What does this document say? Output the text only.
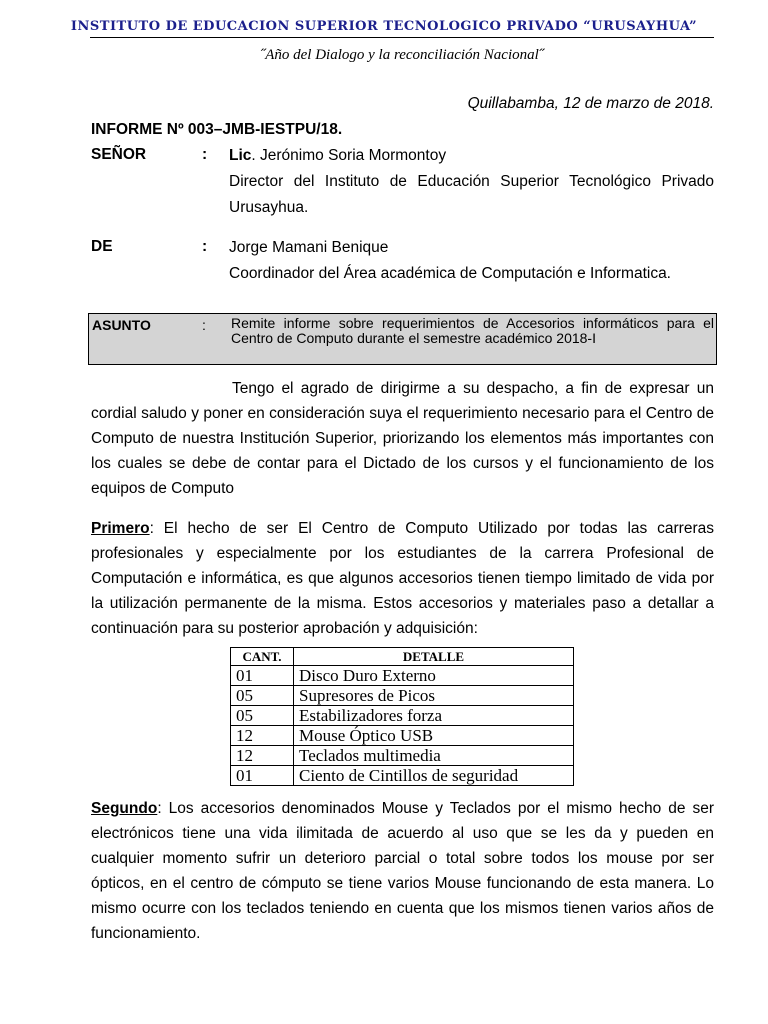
INSTITUTO DE EDUCACION SUPERIOR TECNOLOGICO PRIVADO “URUSAYHUA”
˝Año del Dialogo y la reconciliación Nacional˝
Quillabamba, 12 de marzo de 2018.
INFORME Nº 003–JMB-IESTPU/18.
SEÑOR	: Lic. Jerónimo Soria Mormontoy
Director del Instituto de Educación Superior Tecnológico Privado Urusayhua.
DE	: Jorge Mamani Benique
Coordinador del Área académica de Computación e Informatica.
ASUNTO	: Remite informe sobre requerimientos de Accesorios informáticos para el Centro de Computo durante el semestre académico 2018-I
Tengo el agrado de dirigirme a su despacho, a fin de expresar un cordial saludo y poner en consideración suya el requerimiento necesario para el Centro de Computo de nuestra Institución Superior, priorizando los elementos más importantes con los cuales se debe de contar para el Dictado de los cursos y el funcionamiento de los equipos de Computo
Primero: El hecho de ser El Centro de Computo Utilizado por todas las carreras profesionales y especialmente por los estudiantes de la carrera Profesional de Computación e informática, es que algunos accesorios tienen tiempo limitado de vida por la utilización permanente de la misma. Estos accesorios y materiales paso a detallar a continuación para su posterior aprobación y adquisición:
CANT.	DETALLE
01	Disco Duro Externo
05	Supresores de Picos
05	Estabilizadores forza
12	Mouse Óptico USB
12	Teclados multimedia
01	Ciento de Cintillos de seguridad
Segundo: Los accesorios denominados Mouse y Teclados por el mismo hecho de ser electrónicos tiene una vida ilimitada de acuerdo al uso que se les da y pueden en cualquier momento sufrir un deterioro parcial o total sobre todos los mouse por ser ópticos, en el centro de cómputo se tiene varios Mouse funcionando de esta manera. Lo mismo ocurre con los teclados teniendo en cuenta que los mismos tienen varios años de funcionamiento.
